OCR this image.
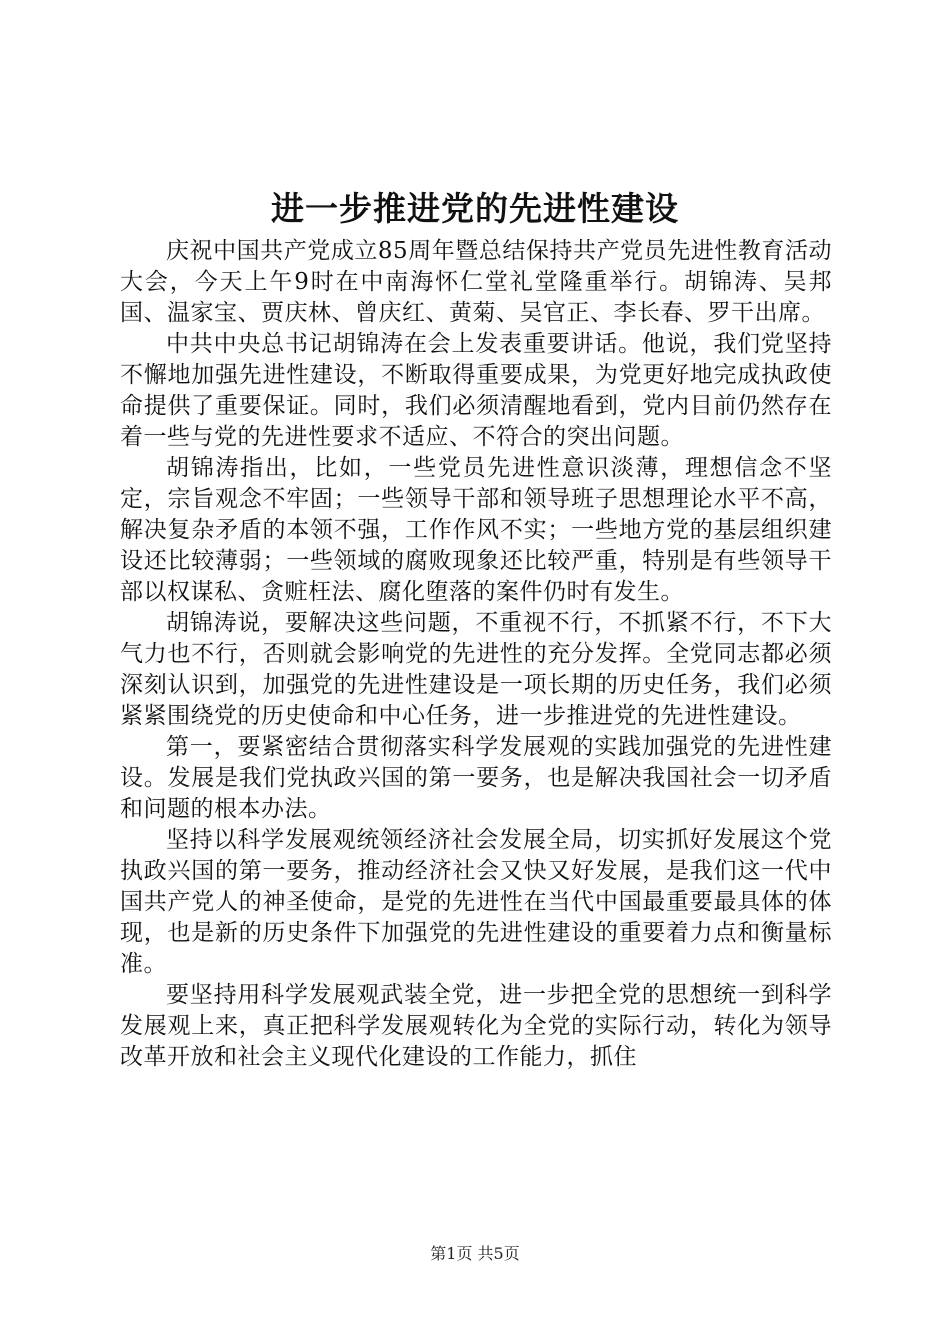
进一步推进党的先进性建设

庆祝中国共产党成立85周年暨总结保持共产党员先进性教育活动大会，今天上午9时在中南海怀仁堂礼堂隆重举行。胡锦涛、吴邦国、温家宝、贾庆林、曾庆红、黄菊、吴官正、李长春、罗干出席。

中共中央总书记胡锦涛在会上发表重要讲话。他说，我们党坚持不懈地加强先进性建设，不断取得重要成果，为党更好地完成执政使命提供了重要保证。同时，我们必须清醒地看到，党内目前仍然存在着一些与党的先进性要求不适应、不符合的突出问题。

胡锦涛指出，比如，一些党员先进性意识淡薄，理想信念不坚定，宗旨观念不牢固；一些领导干部和领导班子思想理论水平不高，解决复杂矛盾的本领不强，工作作风不实；一些地方党的基层组织建设还比较薄弱；一些领域的腐败现象还比较严重，特别是有些领导干部以权谋私、贪赃枉法、腐化堕落的案件仍时有发生。

胡锦涛说，要解决这些问题，不重视不行，不抓紧不行，不下大气力也不行，否则就会影响党的先进性的充分发挥。全党同志都必须深刻认识到，加强党的先进性建设是一项长期的历史任务，我们必须紧紧围绕党的历史使命和中心任务，进一步推进党的先进性建设。

第一，要紧密结合贯彻落实科学发展观的实践加强党的先进性建设。发展是我们党执政兴国的第一要务，也是解决我国社会一切矛盾和问题的根本办法。

坚持以科学发展观统领经济社会发展全局，切实抓好发展这个党执政兴国的第一要务，推动经济社会又快又好发展，是我们这一代中国共产党人的神圣使命，是党的先进性在当代中国最重要最具体的体现，也是新的历史条件下加强党的先进性建设的重要着力点和衡量标准。

要坚持用科学发展观武装全党，进一步把全党的思想统一到科学发展观上来，真正把科学发展观转化为全党的实际行动，转化为领导改革开放和社会主义现代化建设的工作能力，抓住

第1页 共5页
